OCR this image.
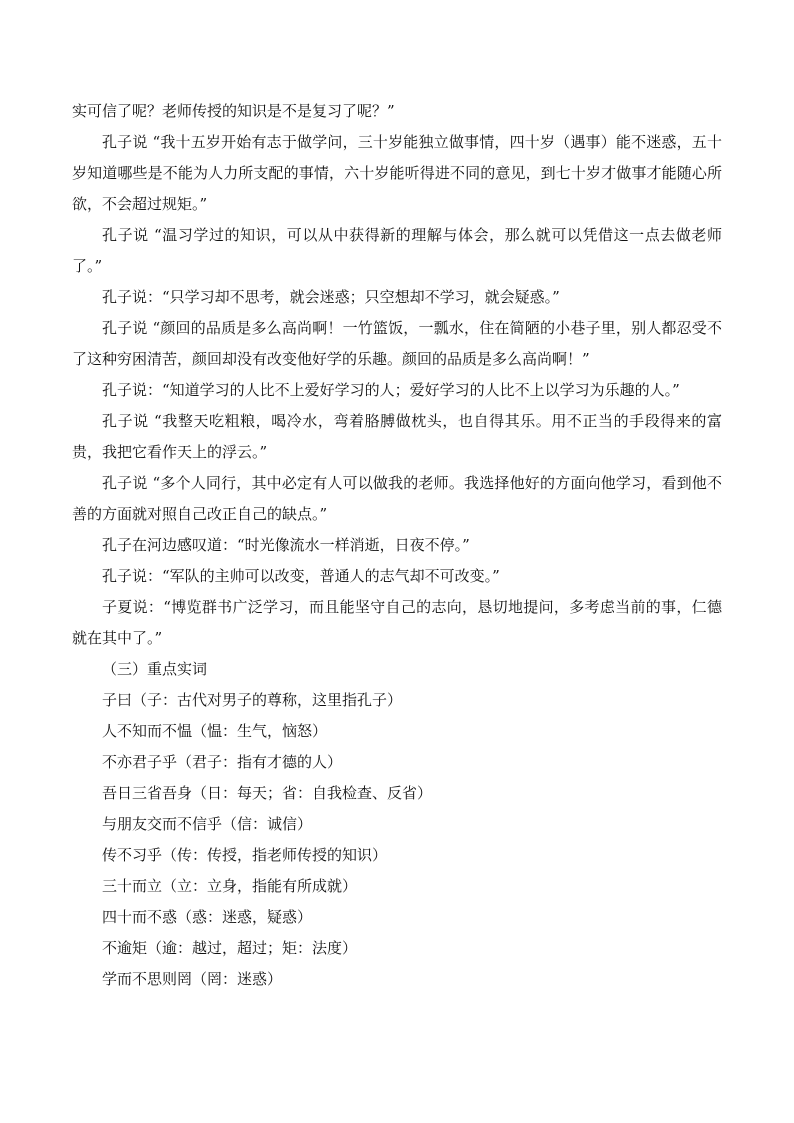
实可信了呢？老师传授的知识是不是复习了呢？”

孔子说 “我十五岁开始有志于做学问，三十岁能独立做事情，四十岁（遇事）能不迷惑，五十岁知道哪些是不能为人力所支配的事情，六十岁能听得进不同的意见，到七十岁才做事才能随心所欲，不会超过规矩。”

孔子说 “温习学过的知识，可以从中获得新的理解与体会，那么就可以凭借这一点去做老师了。”

孔子说：“只学习却不思考，就会迷惑；只空想却不学习，就会疑惑。”

孔子说 “颜回的品质是多么高尚啊！一竹篮饭，一瓢水，住在简陋的小巷子里，别人都忍受不了这种穷困清苦，颜回却没有改变他好学的乐趣。颜回的品质是多么高尚啊！”

孔子说：“知道学习的人比不上爱好学习的人；爱好学习的人比不上以学习为乐趣的人。”

孔子说 “我整天吃粗粮，喝冷水，弯着胳膊做枕头，也自得其乐。用不正当的手段得来的富贵，我把它看作天上的浮云。”

孔子说 “多个人同行，其中必定有人可以做我的老师。我选择他好的方面向他学习，看到他不善的方面就对照自己改正自己的缺点。”

孔子在河边感叹道：“时光像流水一样消逝，日夜不停。”

孔子说：“军队的主帅可以改变，普通人的志气却不可改变。”

子夏说：“博览群书广泛学习，而且能坚守自己的志向，恳切地提问，多考虑当前的事，仁德就在其中了。”

（三）重点实词

子曰（子：古代对男子的尊称，这里指孔子）
人不知而不愠（愠：生气，恼怒）
不亦君子乎（君子：指有才德的人）
吾日三省吾身（日：每天；省：自我检查、反省）
与朋友交而不信乎（信：诚信）
传不习乎（传：传授，指老师传授的知识）
三十而立（立：立身，指能有所成就）
四十而不惑（惑：迷惑，疑惑）
不逾矩（逾：越过，超过；矩：法度）
学而不思则罔（罔：迷惑）
